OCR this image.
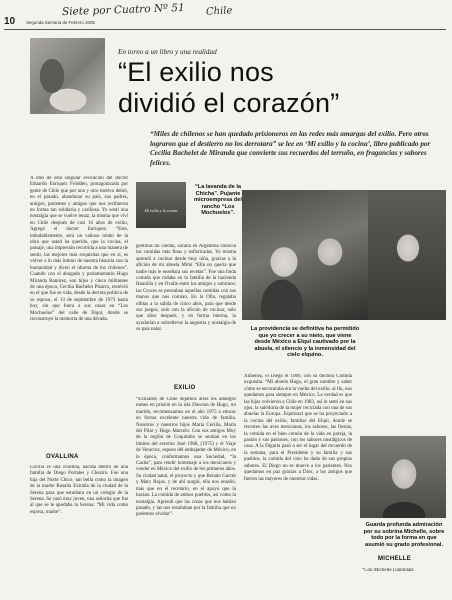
Siete por Cuatro Nº 51 Chile
10 Segunda Semana de Febrero 2005
En torno a un libro y una realidad
“El exilio nos
dividió el corazón”
“Miles de chilenos se han quedado prisioneros en las redes más amargas del exilio. Pero otros lograron que el destierro no los derrotara” se lee en ‘Mi exilio y la cocina’, libro publicado por Cecilia Bachelet de Miranda que convierte sus recuerdos del terruño, en fragancias y sabores felices.
A ntes de esta singular evocación del doctor Eduardo Enríquez Frödden, protagonizada por gente de Chile que por uno y otro motivo debió, en el pasado, abandonar su país, sus padres, amigos, parientes y amigos que nos recibieron en forma tan solidaria y cariñosa. Yo sentí una nostalgia que se vuelve tenaz, la misma que viví en Chile después de casi 16 años de exilio, Agregó el doctor Enríquez: “Este, indudablemente, será un valioso relato de la obra que usted ha querido, que la cocina, el paisaje, una impresión recorrida a una manera de sentir, las mejores más exquisitas que en sí, es volver a lo más íntimo de nuestra historia con la humanidad y dicen el idioma de los chilenos”. Cuando con el abogado y parlamentario Hugo Miranda Ramírez, son hijos y cinco militantes de una época, Cecilia Bachelet Pizarro, resolvió en el que fue su vida, desde la derrota política de su esposo, el 13 de septiembre de 1973 hasta hoy, sin que fuera a sus casas en “Los Mochuelos” del valle de Elqui, donde se reconstruye la memoria de una década.
OVALLINA
Cecilia es una ovallina, nacida dentro de una familia de Diego Portales y Cheziro. Fue una hija del Norte Chico, tan bella como la imagen de la madre Rosalía Extraña de la ciudad de la Serena para que estudiara en un colegio de la Serena. Se casó muy joven, una señorita que fue al que se le apodaba la Serena: “Mi vida como esposa, madre”.
Mi exilio y la cocina
“La lavanda de la Chicha”. Pujante microempresa del rancho “Los Mochuelos”.
gentinas mi cuenta, sacaba en Argentina conocía las comidas más finas y sofisticadas. Yo misma aprendí a cocinar desde muy niña, gracias a la afición de mi abuela Mimí “Ella no quería que nadie más le enseñara sus recetas”. Fue una linda comida que rodaba en la familia de la hacienda Huanilla y en Ovalle entre los amigos y sobrinos; las Cruces se prestaban aquellas comidas con sus manos que nos comían. En la Olla, regalaba ollitas a la salida de cinco años, para que desde sus juegos, solo con la afición de cocinar, solo que años después, y en forma interna, la ayudarían a sobrellevar la angustia y nostalgia de su país natal.
EXILIO
“Exiliados de Chile dejamos atrás los amargos meses en prisión en la isla Dawson de Hugo, mi marido, recomenzamos en el año 1975 a educar en forma excelente nuestra vida de familia. Nosotros y nuestros hijos María Cecilia, María del Pilar y Hugo Marcelo. Con sus amigos Muy de la región de Coquimbo se sentían en los límites del exterior José 1968, (1975) y el Viaje de Veracruz, esposo del embajador de México, en la época, conformamos una Sociedad, “la Casita”, para rendir homenaje a los mexicanos y vender en México del exilio de los primeros años. Su ciudad natal, el proyecto y que Renato Garcés y Mary Rojas, y de ahí surgió, ella nos enseñó, más que en el recetario, en el apoyo que la hacían. La comida de ambos pueblos, así como la nostalgia. Aprendí que las cosas que nos habían pasado, y las nos resultaban por la familia que no podemos olvidar”.
La providencia se definitiva ha permitido que yo crecer a su nieto, que viene desde México a Elqui cautivado por la abuela, el silencio y la inmensidad del cielo elquino.
Ximénez, el Diego el 1989, con su doctora Comida exquisita. “Mi abuelo Hugo, el gran nombre y saber cómo se encontraba era la vuelta del exilio, al fin, nos quedamos para siempre en México. La verdad es que las hijas volvieron a Chile en 1983, así lo sentí en sus ojos, la sabiduría de la mujer reciclada con una de sus abuelas la Europa. Espiritual que se ha proyectado a la cocina del exilio, familiar del Elqui, donde se recorren las aves mexicanas, los sabores, las fiestas, la comida en el bien común de la vida en pareja, la pasión y sus pasiones, con los sabores nostálgicos de casa. A la Diguita pasó a ser el lugar del recuerdo de la semana, para el Presidente y su familia y sus pueblos, la comida del vino ha dado de sus propios sabores. El Diego no se mueve a los parientes. Nos quedamos en paz gracias a Dios; a los amigos que fueron las mayores de nuestras vidas.
Guarda profunda admiración por su sobrina Michelle, sobre todo por la forma en que asumió su grado profesional.
MICHELLE
“Con Michelle (candidata
